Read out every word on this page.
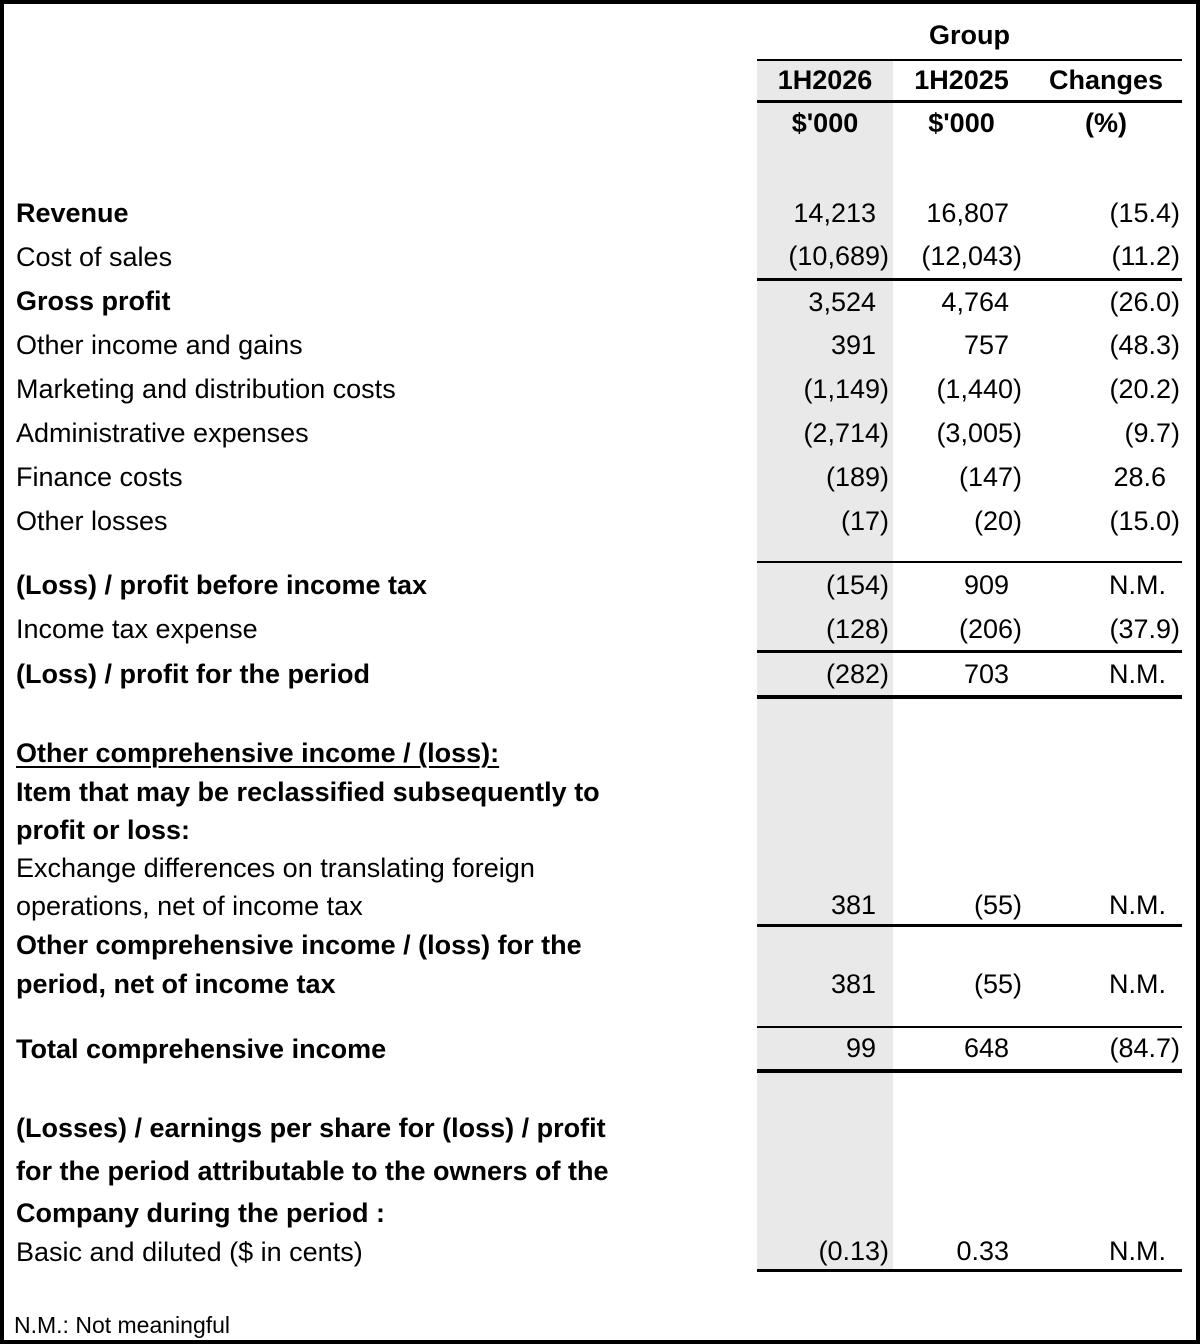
	Group		
	1H2026	1H2025	Changes
	$'000	$'000	(%)

Revenue	14,213	16,807	(15.4)
Cost of sales	(10,689)	(12,043)	(11.2)
Gross profit	3,524	4,764	(26.0)
Other income and gains	391	757	(48.3)
Marketing and distribution costs	(1,149)	(1,440)	(20.2)
Administrative expenses	(2,714)	(3,005)	(9.7)
Finance costs	(189)	(147)	28.6
Other losses	(17)	(20)	(15.0)

(Loss) / profit before income tax	(154)	909	N.M.
Income tax expense	(128)	(206)	(37.9)
(Loss) / profit for the period	(282)	703	N.M.

Other comprehensive income / (loss):			
Item that may be reclassified subsequently to			
profit or loss:			
Exchange differences on translating foreign			
operations, net of income tax	381	(55)	N.M.
Other comprehensive income / (loss) for the			
period, net of income tax	381	(55)	N.M.

Total comprehensive income	99	648	(84.7)

(Losses) / earnings per share for (loss) / profit			
for the period attributable to the owners of the			
Company during the period :			
Basic and diluted ($ in cents)	(0.13)	0.33	N.M.

N.M.: Not meaningful			
